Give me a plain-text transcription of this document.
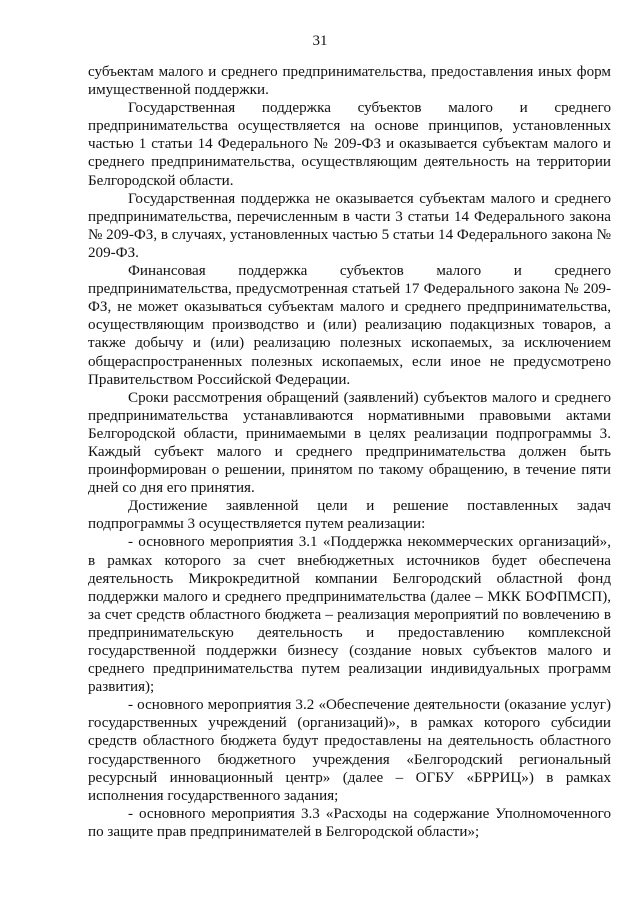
31

субъектам малого и среднего предпринимательства, предоставления иных форм имущественной поддержки.

Государственная поддержка субъектов малого и среднего предпринимательства осуществляется на основе принципов, установленных частью 1 статьи 14 Федерального № 209-ФЗ и оказывается субъектам малого и среднего предпринимательства, осуществляющим деятельность на территории Белгородской области.

Государственная поддержка не оказывается субъектам малого и среднего предпринимательства, перечисленным в части 3 статьи 14 Федерального закона № 209-ФЗ, в случаях, установленных частью 5 статьи 14 Федерального закона № 209-ФЗ.

Финансовая поддержка субъектов малого и среднего предпринимательства, предусмотренная статьей 17 Федерального закона № 209-ФЗ, не может оказываться субъектам малого и среднего предпринимательства, осуществляющим производство и (или) реализацию подакцизных товаров, а также добычу и (или) реализацию полезных ископаемых, за исключением общераспространенных полезных ископаемых, если иное не предусмотрено Правительством Российской Федерации.

Сроки рассмотрения обращений (заявлений) субъектов малого и среднего предпринимательства устанавливаются нормативными правовыми актами Белгородской области, принимаемыми в целях реализации подпрограммы 3. Каждый субъект малого и среднего предпринимательства должен быть проинформирован о решении, принятом по такому обращению, в течение пяти дней со дня его принятия.

Достижение заявленной цели и решение поставленных задач подпрограммы 3 осуществляется путем реализации:

- основного мероприятия 3.1 «Поддержка некоммерческих организаций», в рамках которого за счет внебюджетных источников будет обеспечена деятельность Микрокредитной компании Белгородский областной фонд поддержки малого и среднего предпринимательства (далее – МКК БОФПМСП), за счет средств областного бюджета – реализация мероприятий по вовлечению в предпринимательскую деятельность и предоставлению комплексной государственной поддержки бизнесу (создание новых субъектов малого и среднего предпринимательства путем реализации индивидуальных программ развития);

- основного мероприятия 3.2 «Обеспечение деятельности (оказание услуг) государственных учреждений (организаций)», в рамках которого субсидии средств областного бюджета будут предоставлены на деятельность областного государственного бюджетного учреждения «Белгородский региональный ресурсный инновационный центр» (далее – ОГБУ «БРРИЦ») в рамках исполнения государственного задания;

- основного мероприятия 3.3 «Расходы на содержание Уполномоченного по защите прав предпринимателей в Белгородской области»;
